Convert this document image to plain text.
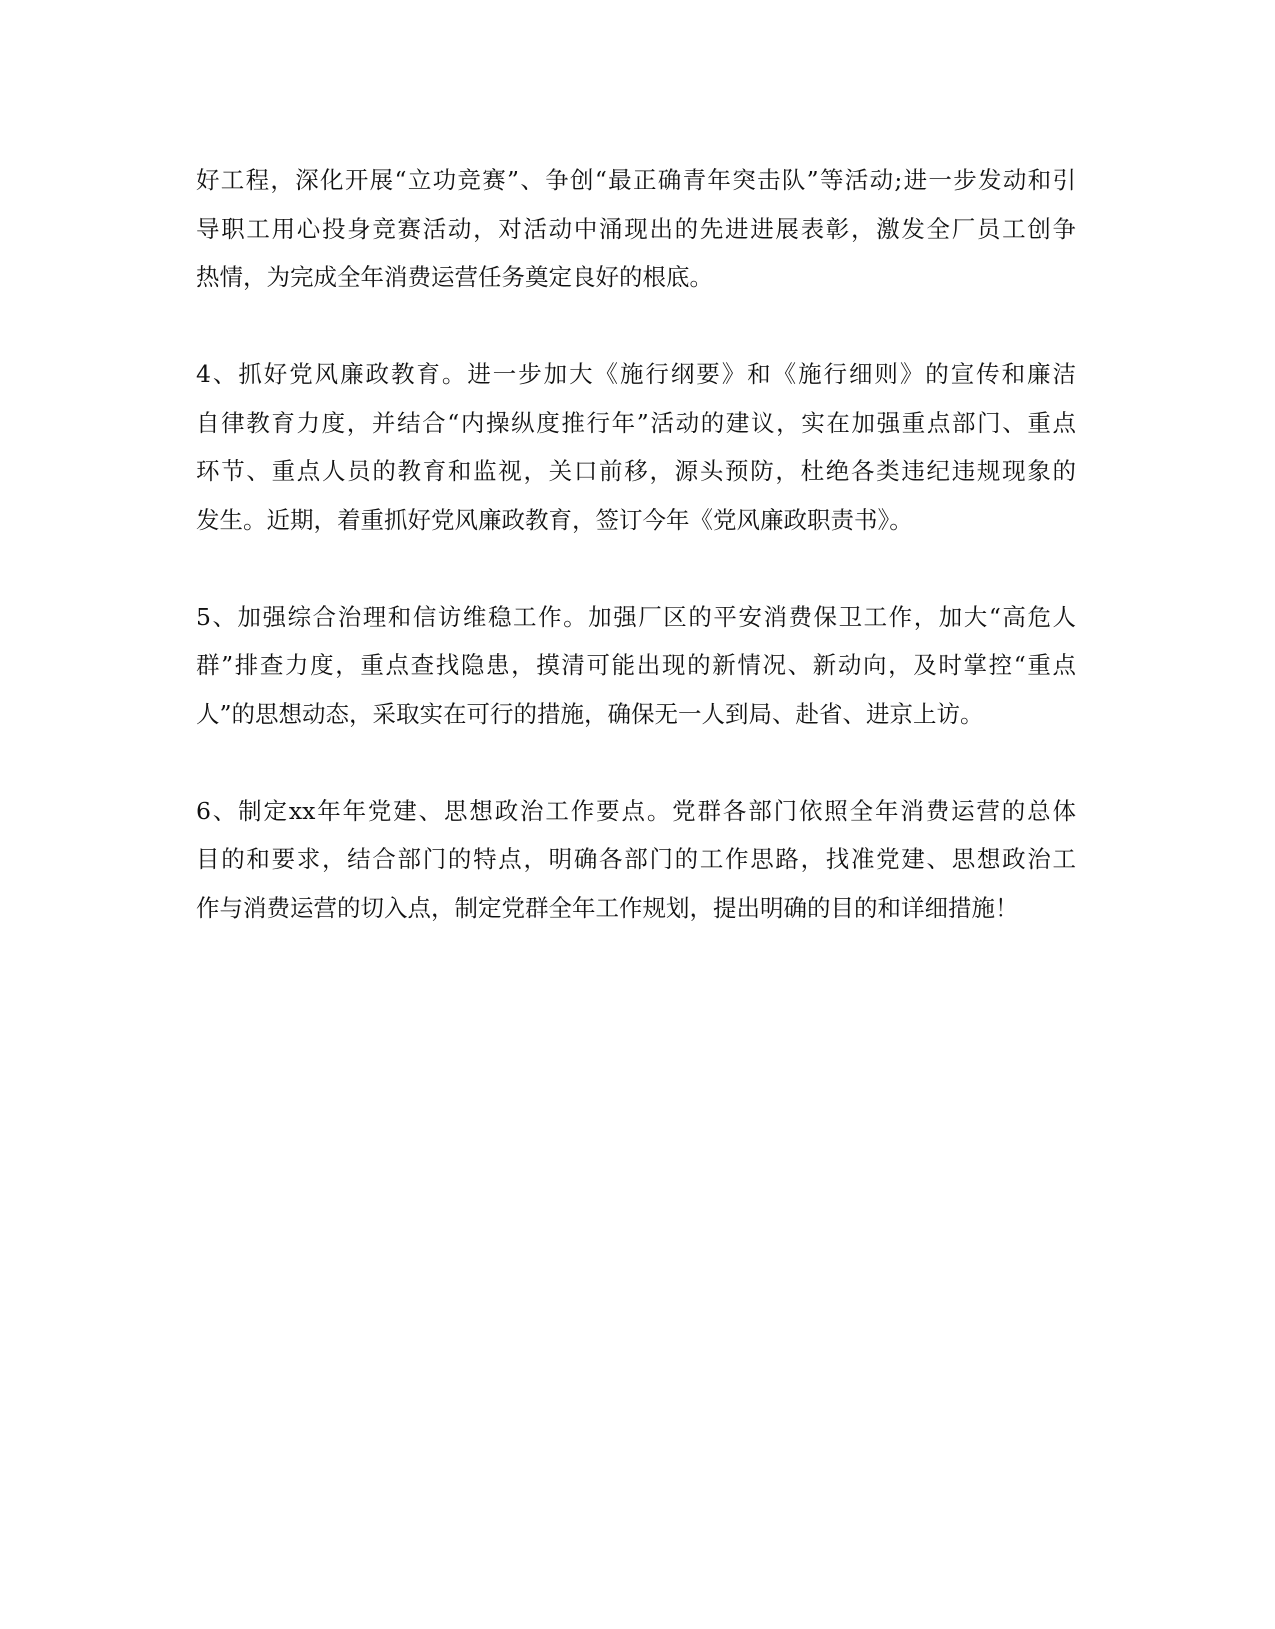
好工程，深化开展“立功竞赛”、争创“最正确青年突击队”等活动;进一步发动和引
导职工用心投身竞赛活动，对活动中涌现出的先进进展表彰，激发全厂员工创争
热情，为完成全年消费运营任务奠定良好的根底。
4、抓好党风廉政教育。进一步加大《施行纲要》和《施行细则》的宣传和廉洁
自律教育力度，并结合“内操纵度推行年”活动的建议，实在加强重点部门、重点
环节、重点人员的教育和监视，关口前移，源头预防，杜绝各类违纪违规现象的
发生。近期，着重抓好党风廉政教育，签订今年《党风廉政职责书》。
5、加强综合治理和信访维稳工作。加强厂区的平安消费保卫工作，加大“高危人
群”排查力度，重点查找隐患，摸清可能出现的新情况、新动向，及时掌控“重点
人”的思想动态，采取实在可行的措施，确保无一人到局、赴省、进京上访。
6、制定xx年年党建、思想政治工作要点。党群各部门依照全年消费运营的总体
目的和要求，结合部门的特点，明确各部门的工作思路，找准党建、思想政治工
作与消费运营的切入点，制定党群全年工作规划，提出明确的目的和详细措施！
